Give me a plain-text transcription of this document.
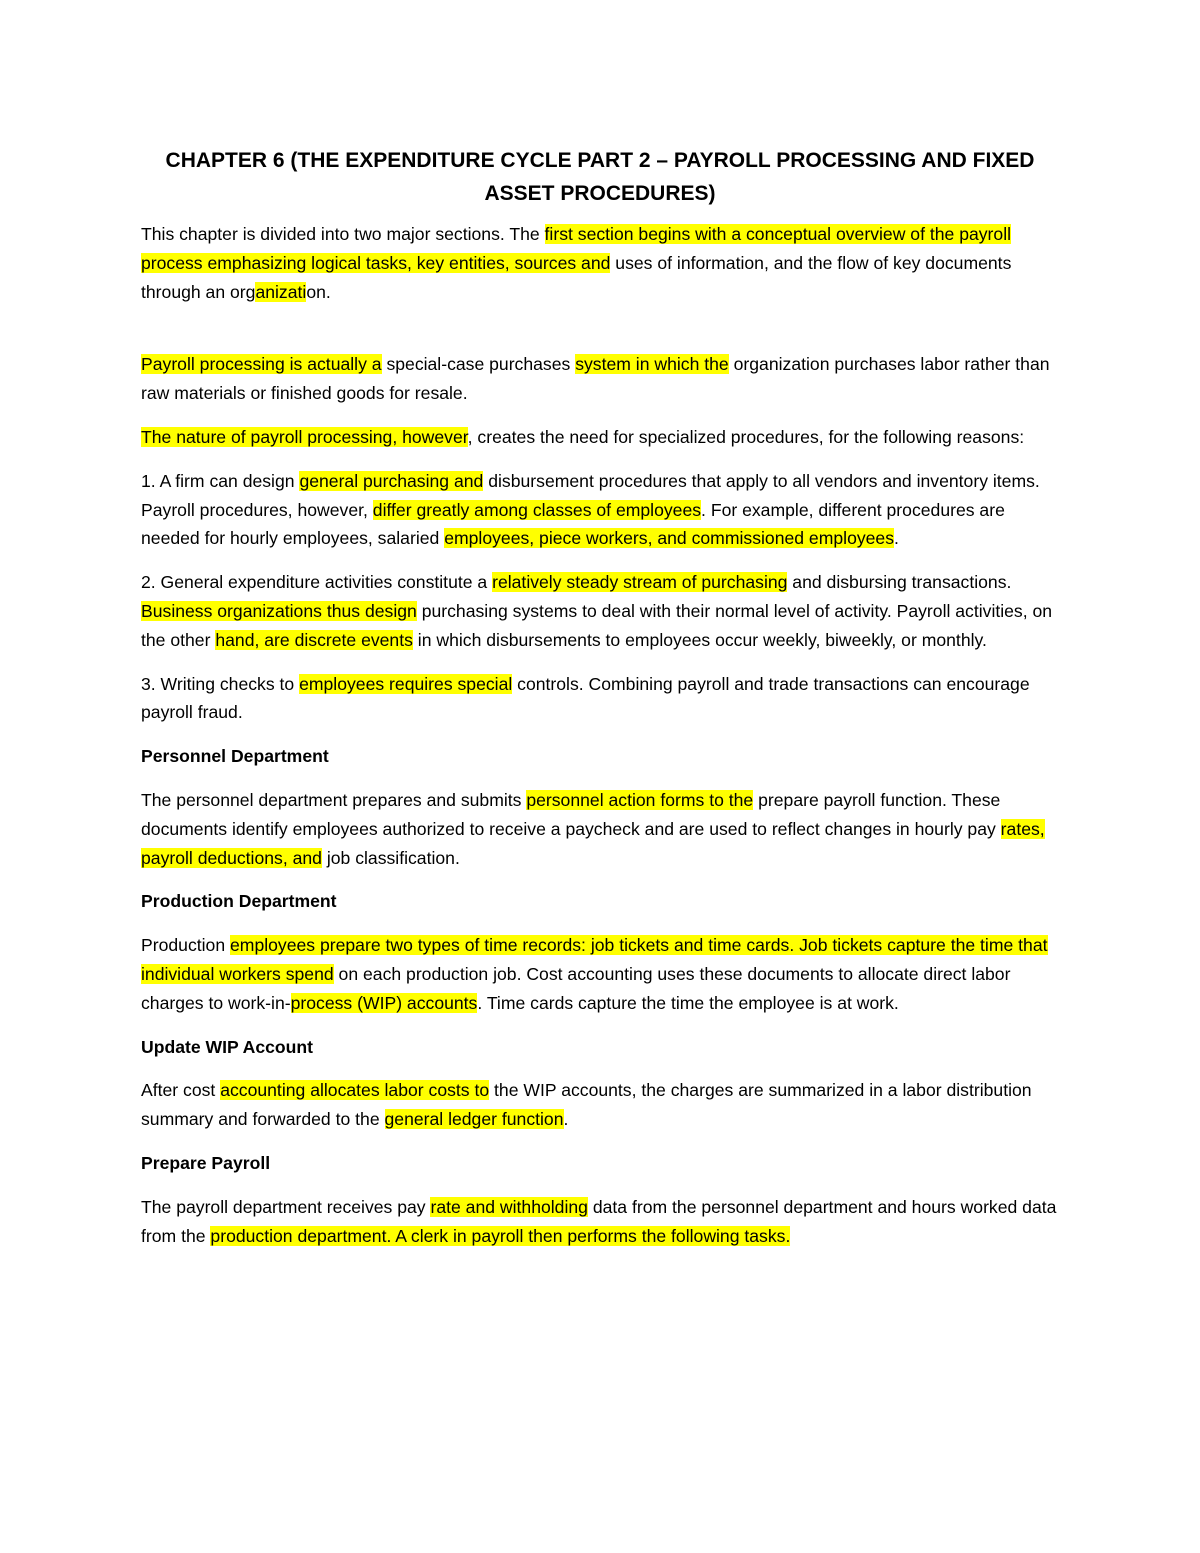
CHAPTER 6 (THE EXPENDITURE CYCLE PART 2 – PAYROLL PROCESSING AND FIXED ASSET PROCEDURES)

This chapter is divided into two major sections. The first section begins with a conceptual overview of the payroll process emphasizing logical tasks, key entities, sources and uses of information, and the flow of key documents through an organization.

Payroll processing is actually a special-case purchases system in which the organization purchases labor rather than raw materials or finished goods for resale.

The nature of payroll processing, however, creates the need for specialized procedures, for the following reasons:

1. A firm can design general purchasing and disbursement procedures that apply to all vendors and inventory items. Payroll procedures, however, differ greatly among classes of employees. For example, different procedures are needed for hourly employees, salaried employees, piece workers, and commissioned employees.

2. General expenditure activities constitute a relatively steady stream of purchasing and disbursing transactions. Business organizations thus design purchasing systems to deal with their normal level of activity. Payroll activities, on the other hand, are discrete events in which disbursements to employees occur weekly, biweekly, or monthly.

3. Writing checks to employees requires special controls. Combining payroll and trade transactions can encourage payroll fraud.

Personnel Department

The personnel department prepares and submits personnel action forms to the prepare payroll function. These documents identify employees authorized to receive a paycheck and are used to reflect changes in hourly pay rates, payroll deductions, and job classification.

Production Department

Production employees prepare two types of time records: job tickets and time cards. Job tickets capture the time that individual workers spend on each production job. Cost accounting uses these documents to allocate direct labor charges to work-in-process (WIP) accounts. Time cards capture the time the employee is at work.

Update WIP Account

After cost accounting allocates labor costs to the WIP accounts, the charges are summarized in a labor distribution summary and forwarded to the general ledger function.

Prepare Payroll

The payroll department receives pay rate and withholding data from the personnel department and hours worked data from the production department. A clerk in payroll then performs the following tasks.
